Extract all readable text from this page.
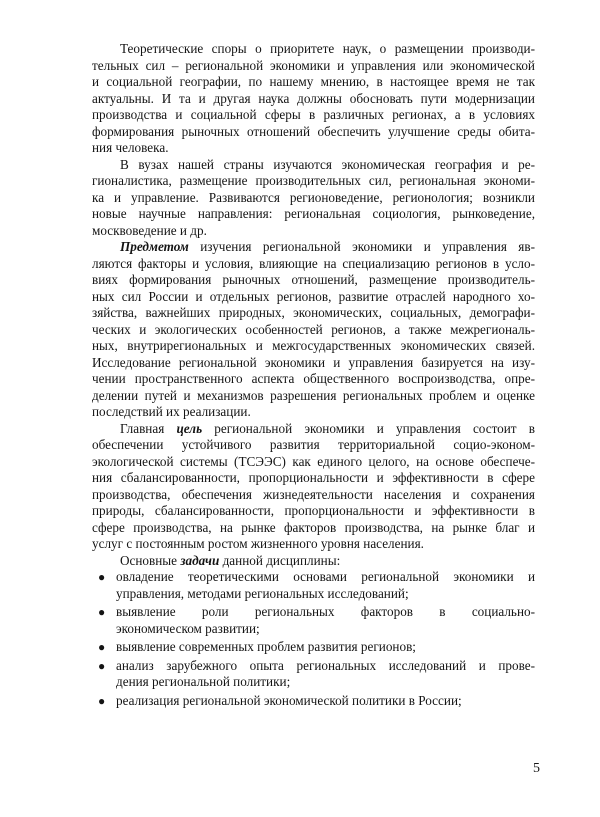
Теоретические споры о приоритете наук, о размещении производи-
тельных сил – региональной экономики и управления или экономической
и социальной географии, по нашему мнению, в настоящее время не так
актуальны. И та и другая наука должны обосновать пути модернизации
производства и социальной сферы в различных регионах, а в условиях
формирования рыночных отношений обеспечить улучшение среды обита-
ния человека.
В вузах нашей страны изучаются экономическая география и ре-
гионалистика, размещение производительных сил, региональная экономи-
ка и управление. Развиваются регионоведение, регионология; возникли
новые научные направления: региональная социология, рынковедение,
москвоведение и др.
Предметом изучения региональной экономики и управления яв-
ляются факторы и условия, влияющие на специализацию регионов в усло-
виях формирования рыночных отношений, размещение производитель-
ных сил России и отдельных регионов, развитие отраслей народного хо-
зяйства, важнейших природных, экономических, социальных, демографи-
ческих и экологических особенностей регионов, а также межрегиональ-
ных, внутрирегиональных и межгосударственных экономических связей.
Исследование региональной экономики и управления базируется на изу-
чении пространственного аспекта общественного воспроизводства, опре-
делении путей и механизмов разрешения региональных проблем и оценке
последствий их реализации.
Главная цель региональной экономики и управления состоит в
обеспечении устойчивого развития территориальной социо-эконом-
экологической системы (ТСЭЭС) как единого целого, на основе обеспече-
ния сбалансированности, пропорциональности и эффективности в сфере
производства, обеспечения жизнедеятельности населения и сохранения
природы, сбалансированности, пропорциональности и эффективности в
сфере производства, на рынке факторов производства, на рынке благ и
услуг с постоянным ростом жизненного уровня населения.
Основные задачи данной дисциплины:
● овладение теоретическими основами региональной экономики и
управления, методами региональных исследований;
● выявление роли региональных факторов в социально-
экономическом развитии;
● выявление современных проблем развития регионов;
● анализ зарубежного опыта региональных исследований и прове-
дения региональной политики;
● реализация региональной экономической политики в России;
5
